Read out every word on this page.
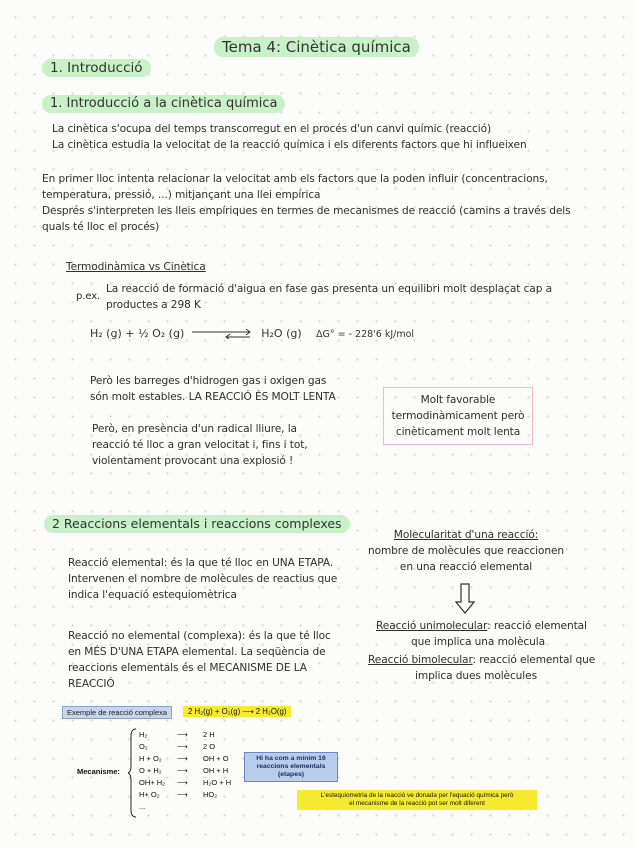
Tema 4: Cinètica química
1. Introducció
1. Introducció a la cinètica química
La cinètica s'ocupa del temps transcorregut en el procés d'un canvi químic (reacció)
La cinètica estudia la velocitat de la reacció química i els diferents factors que hi influeixen
En primer lloc intenta relacionar la velocitat amb els factors que la poden influir (concentracions,
temperatura, pressió, ...) mitjançant una llei empírica
Després s'interpreten les lleis empíriques en termes de mecanismes de reacció (camins a través dels
quals té lloc el procés)
Termodinàmica vs Cinètica
p.ex.
La reacció de formació d'aigua en fase gas presenta un equilibri molt desplaçat cap a
productes a 298 K
H₂ (g) + ½ O₂ (g)	H₂O (g) ΔG° = - 228'6 kJ/mol
Però les barreges d'hidrogen gas i oxigen gas
són molt estables. LA REACCIÓ ÉS MOLT LENTA
Però, en presència d'un radical lliure, la
reacció té lloc a gran velocitat i, fins i tot,
violentament provocant una explosió !
Molt favorable
termodinàmicament però
cinèticament molt lenta
2 Reaccions elementals i reaccions complexes
Reacció elemental: és la que té lloc en UNA ETAPA.
Intervenen el nombre de molècules de reactius que
indica l'equació estequiomètrica
Reacció no elemental (complexa): és la que té lloc
en MÉS D'UNA ETAPA elemental. La seqüència de
reaccions elementals és el MECANISME DE LA
REACCIÓ
Molecularitat d'una reacció:
nombre de molècules que reaccionen
en una reacció elemental
Reacció unimolecular: reacció elemental
que implica una molècula
Reacció bimolecular: reacció elemental que
implica dues molècules
Exemple de reacció complexa	2 H₂(g) + O₂(g) ⟶ 2 H₂O(g)
Mecanisme:
H₂	⟶ 2 H
O₂	⟶ 2 O
H + O₂ ⟶ OH + O
O + H₂ ⟶ OH + H
OH+ H₂ ⟶ H₂O + H
H+ O₂ ⟶ HO₂
...
Hi ha com a mínim 16
reaccions elementals
(etapes)
L'estequiometria de la reacció ve donada per l'equació química però
el mecanisme de la reacció pot ser molt diferent
